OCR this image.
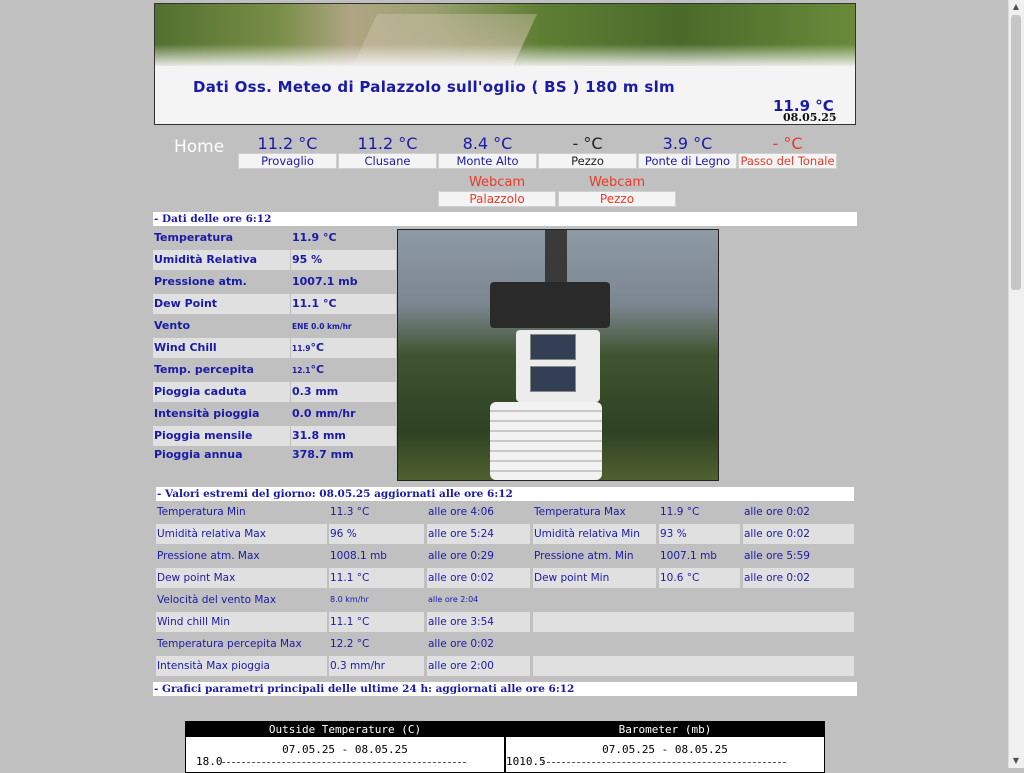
▲
▼
Dati Oss. Meteo di Palazzolo sull'oglio ( BS ) 180 m slm
11.9 °C
08.05.25
Home	11.2 °C
Provaglio
11.2 °C
Clusane
8.4 °C
Monte Alto
- °C
Pezzo
3.9 °C
Ponte di Legno
- °C
Passo del Tonale
Webcam
Palazzolo
Webcam
Pezzo
- Dati delle ore 6:12
Temperatura	11.9 °C
Umidità Relativa	95 %
Pressione atm.	1007.1 mb
Dew Point	11.1 °C
Vento	ENE 0.0 km/hr
Wind Chill	11.9°C
Temp. percepita	12.1°C
Pioggia caduta	0.3 mm
Intensità pioggia	0.0 mm/hr
Pioggia mensile	31.8 mm
Pioggia annua	378.7 mm
- Valori estremi del giorno: 08.05.25 aggiornati alle ore 6:12
Temperatura Min	11.3 °C	alle ore 4:06	Temperatura Max	11.9 °C	alle ore 0:02
Umidità relativa Max	96 %	alle ore 5:24	Umidità relativa Min	93 %	alle ore 0:02
Pressione atm. Max	1008.1 mb	alle ore 0:29	Pressione atm. Min	1007.1 mb	alle ore 5:59
Dew point Max	11.1 °C	alle ore 0:02	Dew point Min	10.6 °C	alle ore 0:02
Velocità del vento Max	8.0 km/hr	alle ore 2:04
Wind chill Min	11.1 °C	alle ore 3:54
Temperatura percepita Max	12.2 °C	alle ore 0:02
Intensità Max pioggia	0.3 mm/hr	alle ore 2:00
- Grafici parametri principali delle ultime 24 h: aggiornati alle ore 6:12
Outside Temperature (C)
07.05.25 - 08.05.25
18.0
Barometer (mb)
07.05.25 - 08.05.25
1010.5
